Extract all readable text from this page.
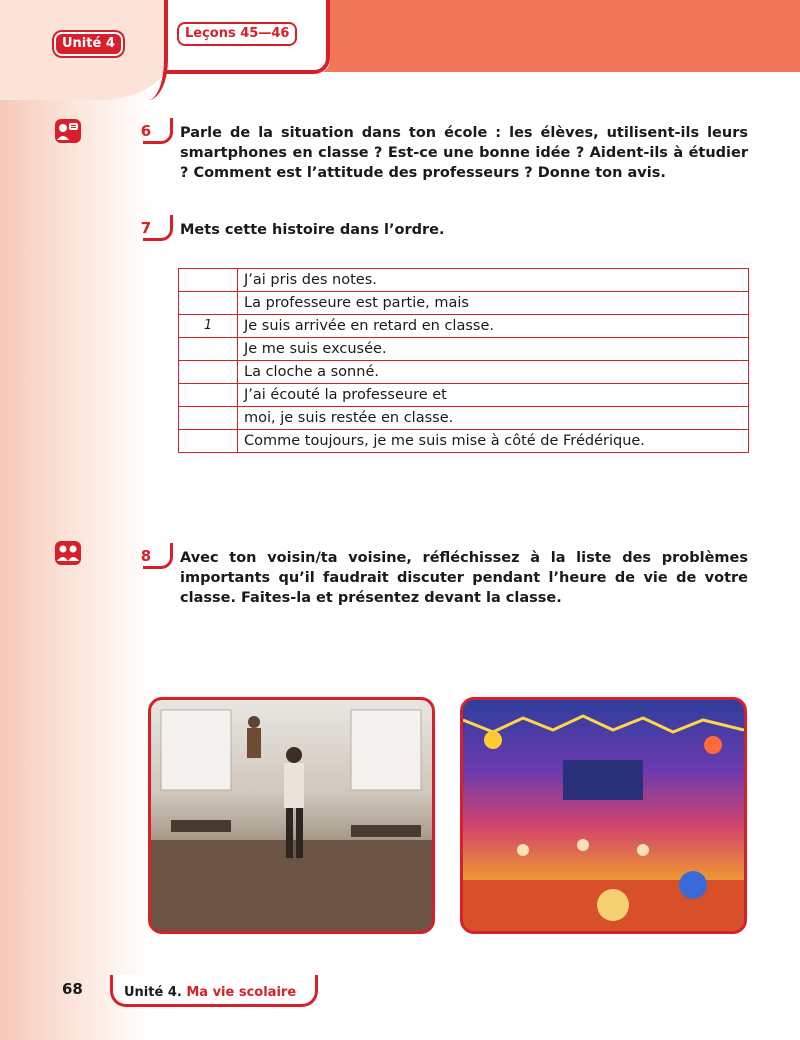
Unité 4
Leçons 45—46
6	Parle de la situation dans ton école : les élèves, utilisent-ils leurs smartphones en classe ? Est-ce une bonne idée ? Aident-ils à étudier ? Comment est l’attitude des professeurs ? Donne ton avis.
7	Mets cette histoire dans l’ordre.
	J’ai pris des notes.
	La professeure est partie, mais
1	Je suis arrivée en retard en classe.
	Je me suis excusée.
	La cloche a sonné.
	J’ai écouté la professeure et
	moi, je suis restée en classe.
	Comme toujours, je me suis mise à côté de Frédérique.
8	Avec ton voisin/ta voisine, réfléchissez à la liste des problèmes importants qu’il faudrait discuter pendant l’heure de vie de votre classe. Faites-la et présentez devant la classe.
68	Unité 4. Ma vie scolaire
